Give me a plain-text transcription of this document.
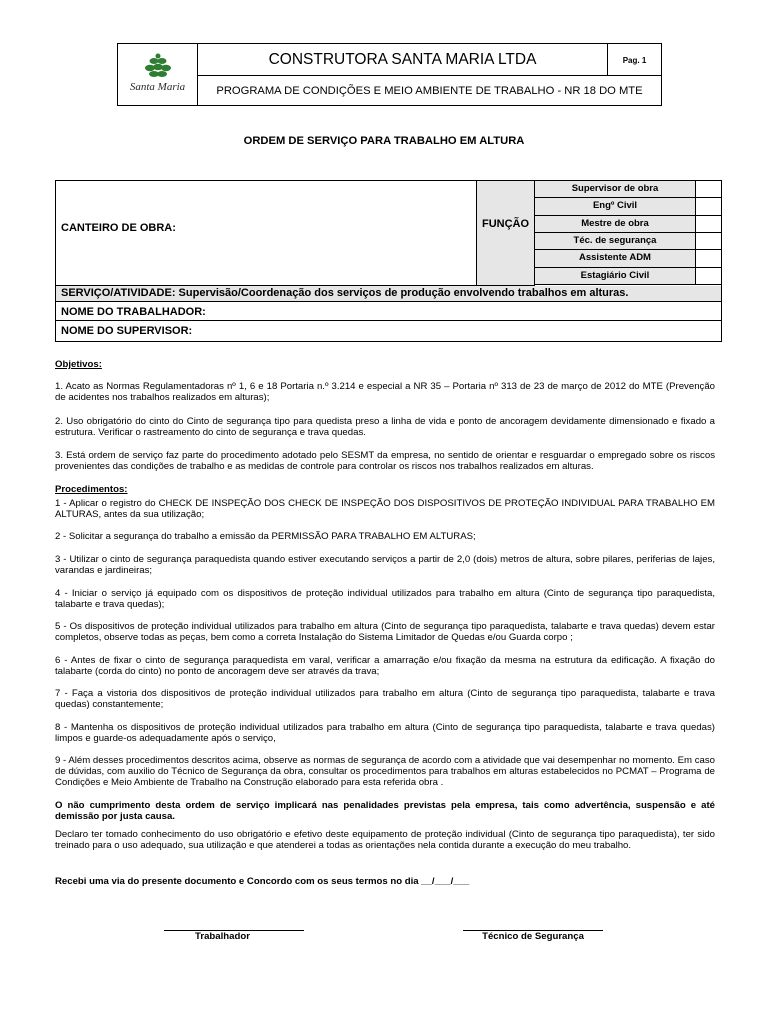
Santa Maria
CONSTRUTORA SANTA MARIA LTDA	Pag. 1
PROGRAMA DE CONDIÇÕES E MEIO AMBIENTE DE TRABALHO - NR 18 DO MTE
ORDEM DE SERVIÇO PARA TRABALHO EM ALTURA
CANTEIRO DE OBRA:	FUNÇÃO
Supervisor de obra
Engº Civil
Mestre de obra
Téc. de segurança
Assistente ADM
Estagiário Civil
SERVIÇO/ATIVIDADE: Supervisão/Coordenação dos serviços de produção envolvendo trabalhos em alturas.
NOME DO TRABALHADOR:
NOME DO SUPERVISOR:
Objetivos:
1. Acato as Normas Regulamentadoras nº 1, 6 e 18 Portaria n.º 3.214 e especial a NR 35 – Portaria nº 313 de 23 de março de 2012 do MTE (Prevenção de acidentes nos trabalhos realizados em alturas);
2. Uso obrigatório do cinto do Cinto de segurança tipo para quedista preso a linha de vida e ponto de ancoragem devidamente dimensionado e fixado a estrutura. Verificar o rastreamento do cinto de segurança e trava quedas.
3. Está ordem de serviço faz parte do procedimento adotado pelo SESMT da empresa, no sentido de orientar e resguardar o empregado sobre os riscos provenientes das condições de trabalho e as medidas de controle para controlar os riscos nos trabalhos realizados em alturas.
Procedimentos:
1 - Aplicar o registro do CHECK DE INSPEÇÃO DOS CHECK DE INSPEÇÃO DOS DISPOSITIVOS DE PROTEÇÃO INDIVIDUAL PARA TRABALHO EM ALTURAS, antes da sua utilização;
2 - Solicitar a segurança do trabalho a emissão da PERMISSÃO PARA TRABALHO EM ALTURAS;
3 - Utilizar o cinto de segurança paraquedista quando estiver executando serviços a partir de 2,0 (dois) metros de altura, sobre pilares, periferias de lajes, varandas e jardineiras;
4 - Iniciar o serviço já equipado com os dispositivos de proteção individual utilizados para trabalho em altura (Cinto de segurança tipo paraquedista, talabarte e trava quedas);
5 - Os dispositivos de proteção individual utilizados para trabalho em altura (Cinto de segurança tipo paraquedista, talabarte e trava quedas) devem estar completos, observe todas as peças, bem como a correta Instalação do Sistema Limitador de Quedas e/ou Guarda corpo ;
6 - Antes de fixar o cinto de segurança paraquedista em varal, verificar a amarração e/ou fixação da mesma na estrutura da edificação. A fixação do talabarte (corda do cinto) no ponto de ancoragem deve ser através da trava;
7 - Faça a vistoria dos dispositivos de proteção individual utilizados para trabalho em altura (Cinto de segurança tipo paraquedista, talabarte e trava quedas) constantemente;
8 - Mantenha os dispositivos de proteção individual utilizados para trabalho em altura (Cinto de segurança tipo paraquedista, talabarte e trava quedas) limpos e guarde-os adequadamente após o serviço,
9 - Além desses procedimentos descritos acima, observe as normas de segurança de acordo com a atividade que vai desempenhar no momento. Em caso de dúvidas, com auxilio do Técnico de Segurança da obra, consultar os procedimentos para trabalhos em alturas estabelecidos no PCMAT – Programa de Condições e Meio Ambiente de Trabalho na Construção elaborado para esta referida obra .
O não cumprimento desta ordem de serviço implicará nas penalidades previstas pela empresa, tais como advertência, suspensão e até demissão por justa causa.
Declaro ter tomado conhecimento do uso obrigatório e efetivo deste equipamento de proteção individual (Cinto de segurança tipo paraquedista), ter sido treinado para o uso adequado, sua utilização e que atenderei a todas as orientações nela contida durante a execução do meu trabalho.
Recebi uma via do presente documento e Concordo com os seus termos no dia __/___/___
Trabalhador	Técnico de Segurança
